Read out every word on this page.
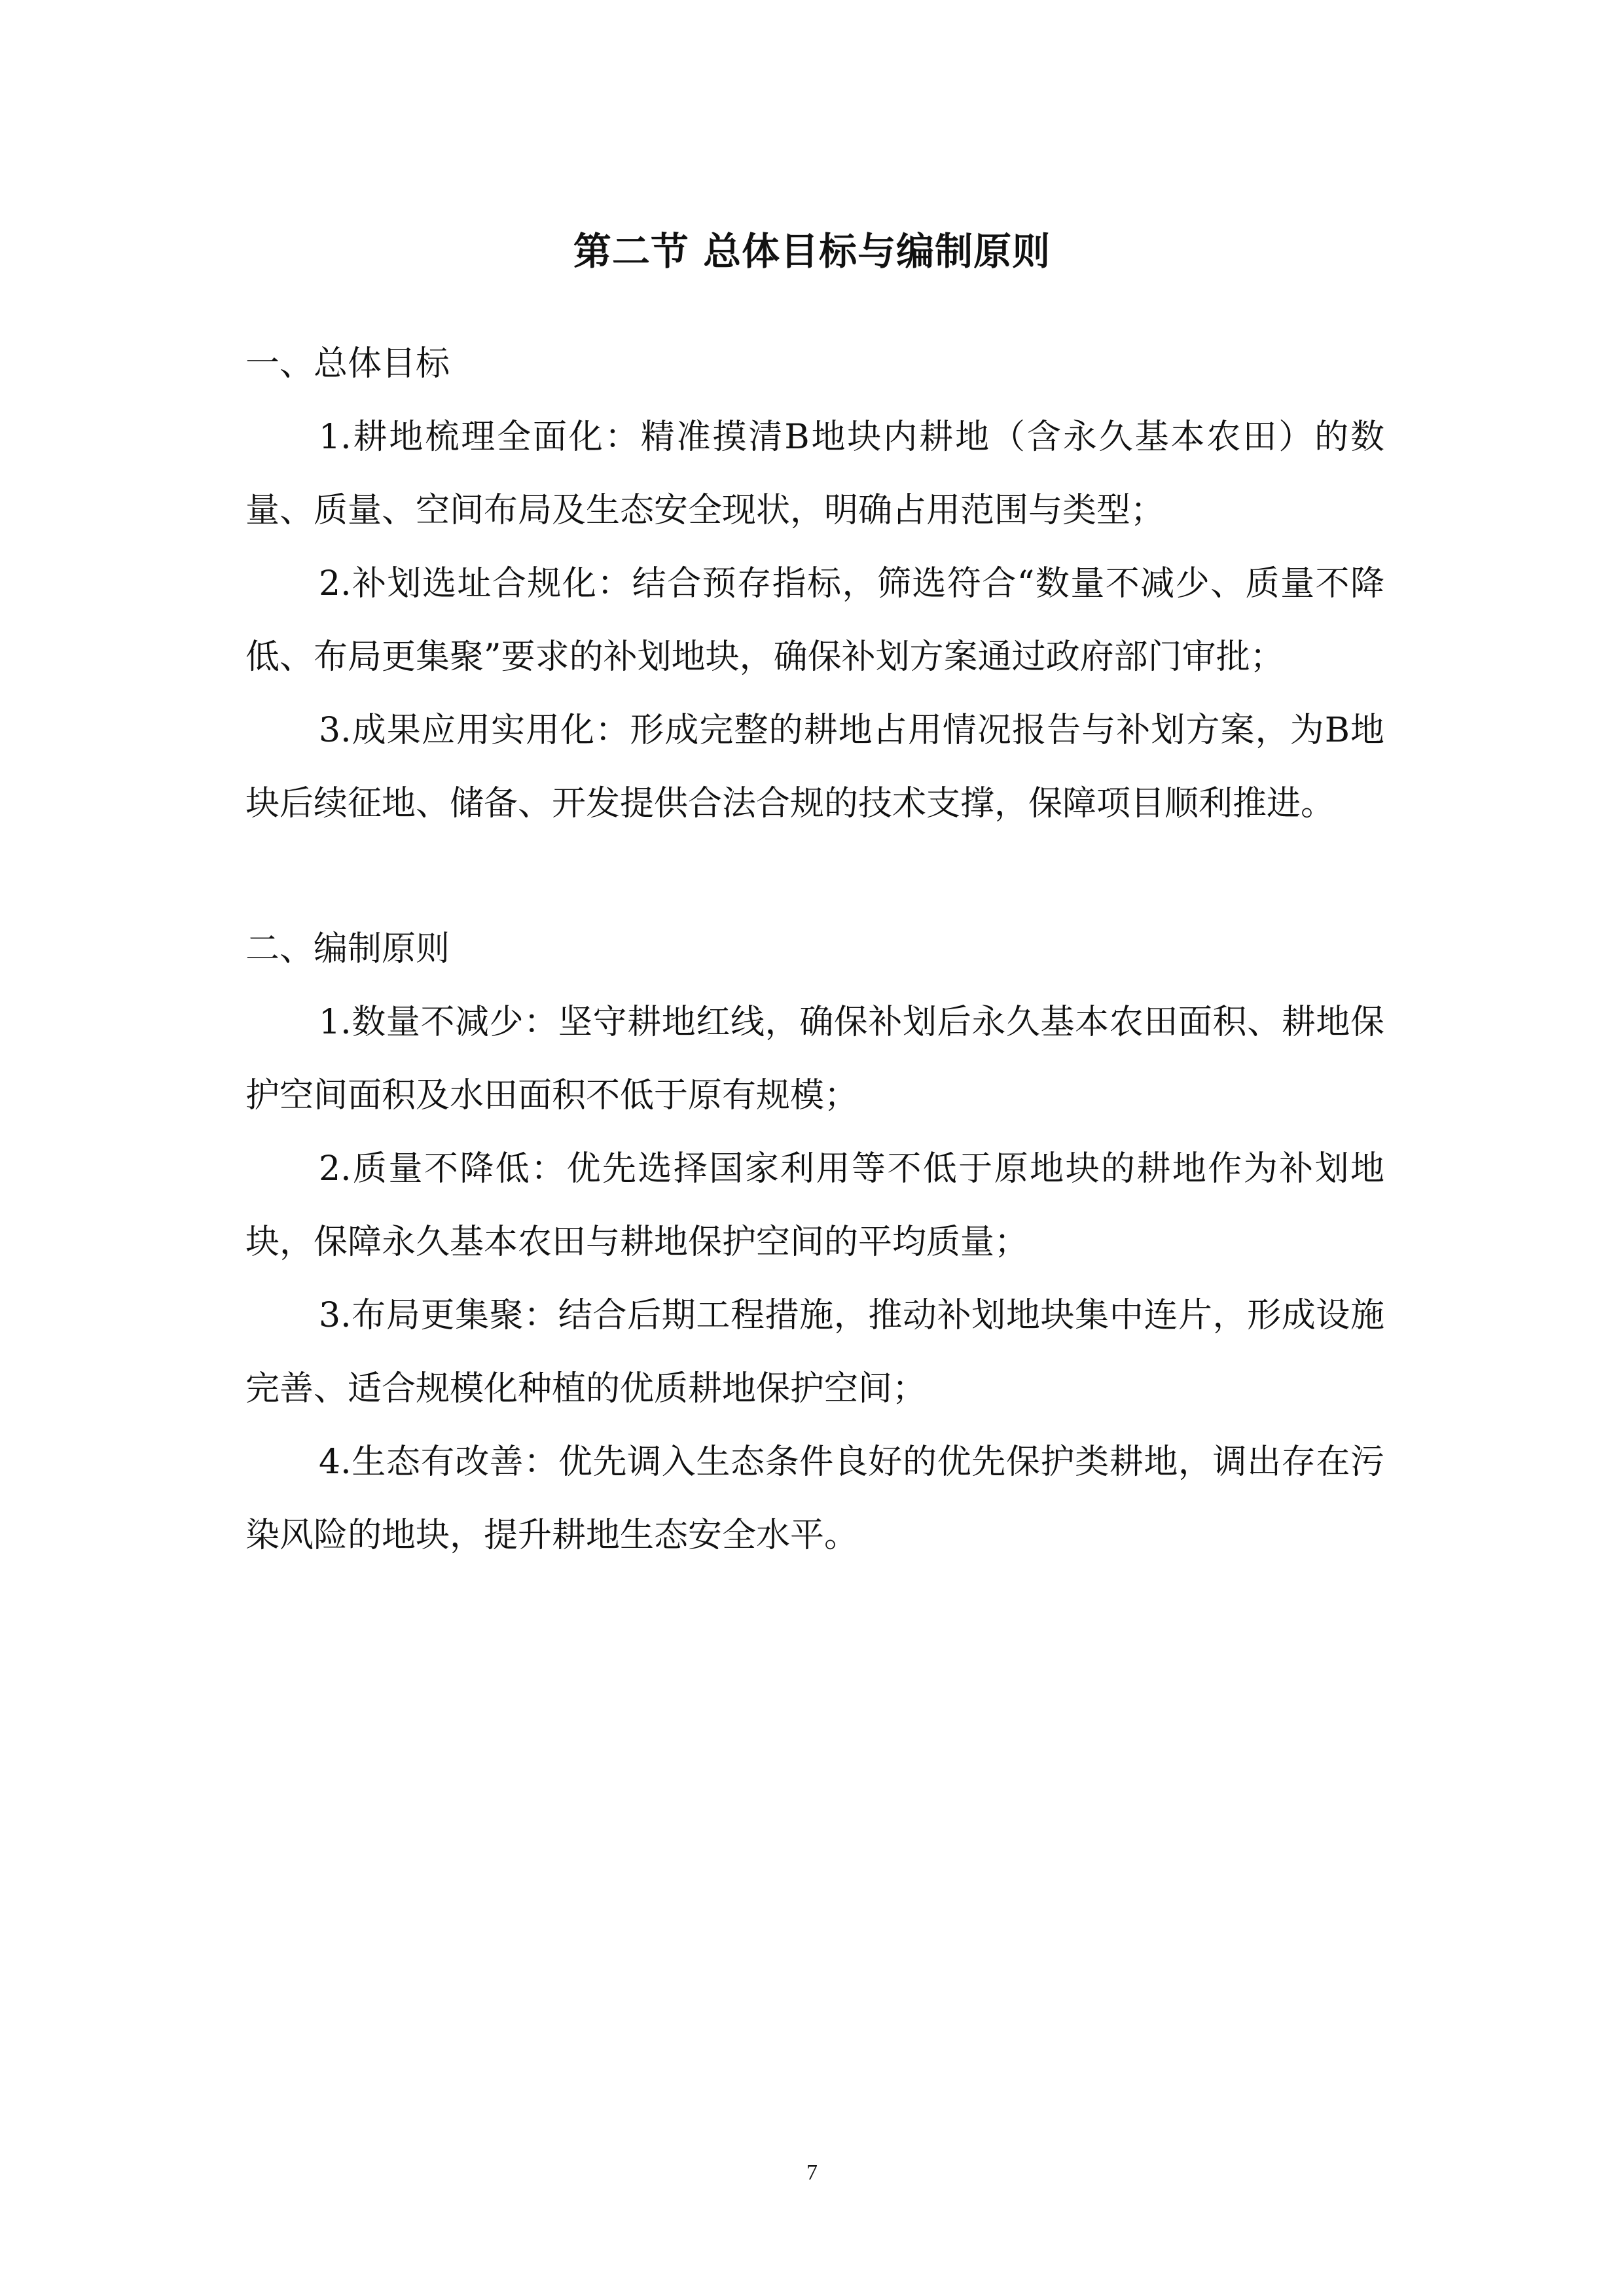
第二节 总体目标与编制原则

一、总体目标

1.耕地梳理全面化：精准摸清B地块内耕地（含永久基本农田）的数量、质量、空间布局及生态安全现状，明确占用范围与类型；

2.补划选址合规化：结合预存指标，筛选符合“数量不减少、质量不降低、布局更集聚”要求的补划地块，确保补划方案通过政府部门审批；

3.成果应用实用化：形成完整的耕地占用情况报告与补划方案，为B地块后续征地、储备、开发提供合法合规的技术支撑，保障项目顺利推进。

二、编制原则

1.数量不减少：坚守耕地红线，确保补划后永久基本农田面积、耕地保护空间面积及水田面积不低于原有规模；

2.质量不降低：优先选择国家利用等不低于原地块的耕地作为补划地块，保障永久基本农田与耕地保护空间的平均质量；

3.布局更集聚：结合后期工程措施，推动补划地块集中连片，形成设施完善、适合规模化种植的优质耕地保护空间；

4.生态有改善：优先调入生态条件良好的优先保护类耕地，调出存在污染风险的地块，提升耕地生态安全水平。

7
